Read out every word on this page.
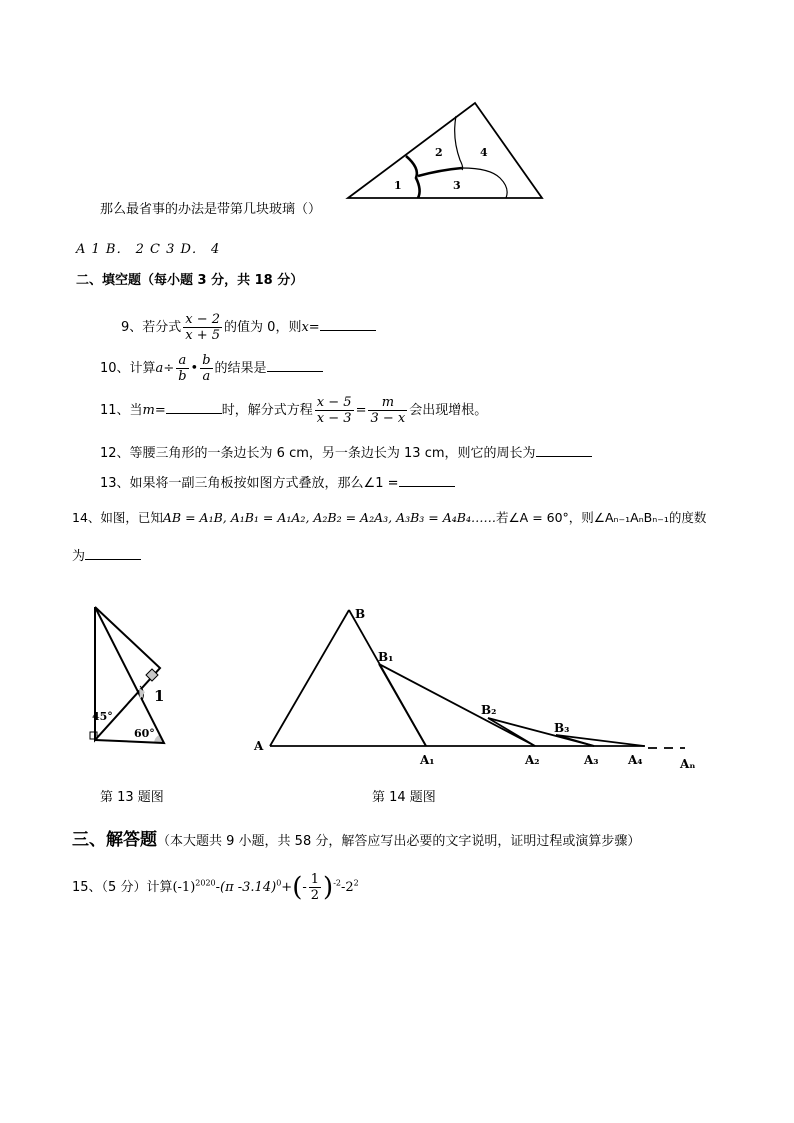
1
2
3
4
那么最省事的办法是带第几块玻璃（）
A 1 B． 2 C 3 D． 4
二、填空题（每小题 3 分，共 18 分）
9、若分式 $\frac{x - 2}{x + 5}$ 的值为 0，则x=
10、计算$a\div \frac{a}{b}$ • $\frac{b}{a}$ 的结果是
11、当m=	时，解分式方程 $\frac{x - 5}{x - 3} = \frac{m}{3 - x}$ 会出现增根。
12、等腰三角形的一条边长为 6 cm，另一条边长为 13 cm，则它的周长为
13、如果将一副三角板按如图方式叠放，那么∠1 =
14、如图，已知AB = A₁B, A₁B₁ = A₁A₂, A₂B₂ = A₂A₃, A₃B₃ = A₄B₄……若∠A = 60°，则∠Aₙ₋₁AₙBₙ₋₁的度数
为
45°
60°
1
B
B₁
B₂
B₃
A
A₁	A₂	A₃ A₄	Aₙ
第 13 题图	第 14 题图
三、解答题（本大题共 9 小题，共 58 分，解答应写出必要的文字说明，证明过程或演算步骤）
15、（5 分）计算$(-1)^{2020}-(\pi$ $-3.14)^0+(- \frac{1}{2} )^{-2}-2^2$
